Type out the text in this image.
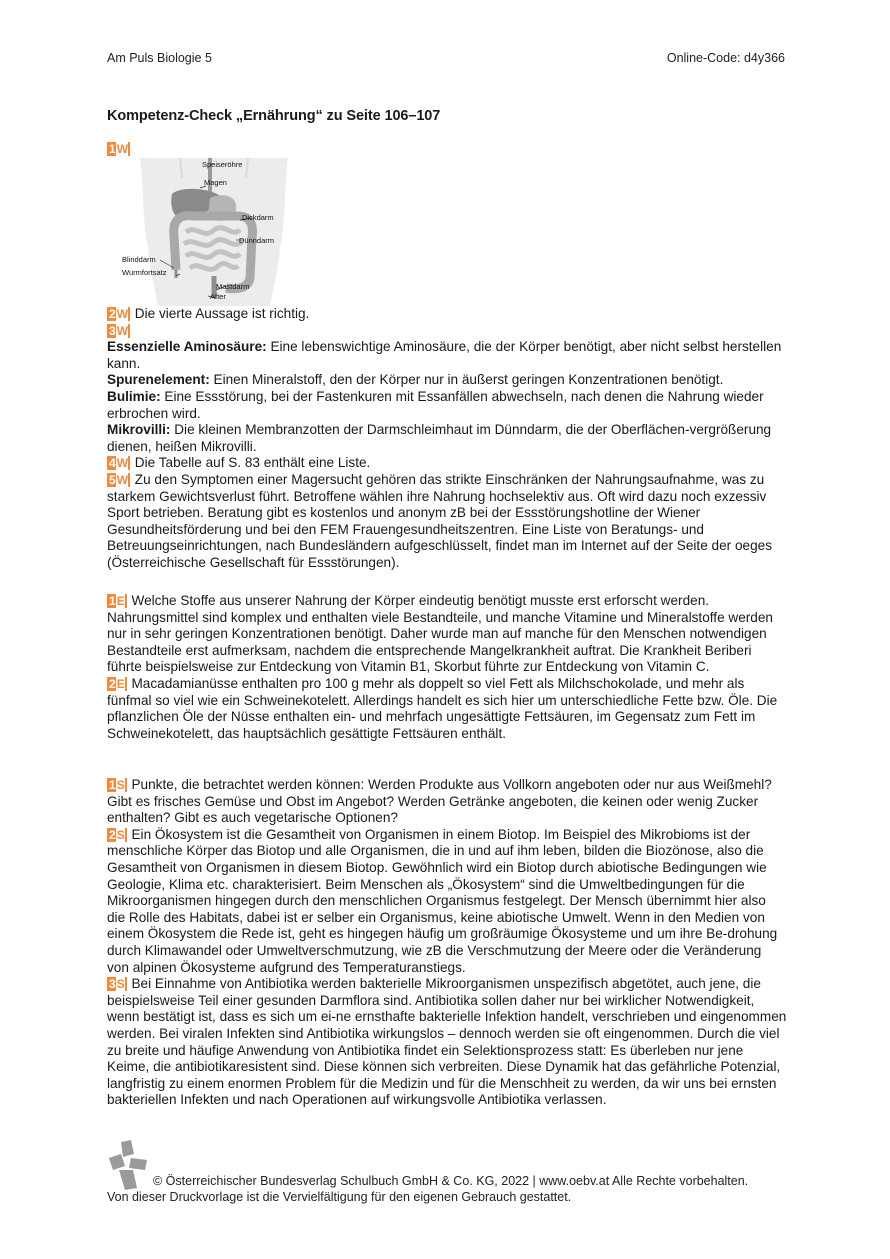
Am Puls Biologie 5	Online-Code: d4y366
Kompetenz-Check „Ernährung“ zu Seite 106–107
1W
Speiseröhre
Magen
Dickdarm
Dünndarm
Blinddarm
Wurmfortsatz
Mastdarm
After

2W Die vierte Aussage ist richtig.

3W

Essenzielle Aminosäure: Eine lebenswichtige Aminosäure, die der Körper benötigt, aber nicht selbst herstellen kann.

Spurenelement: Einen Mineralstoff, den der Körper nur in äußerst geringen Konzentrationen benötigt.

Bulimie: Eine Essstörung, bei der Fastenkuren mit Essanfällen abwechseln, nach denen die Nahrung wieder erbrochen wird.

Mikrovilli: Die kleinen Membranzotten der Darmschleimhaut im Dünndarm, die der Oberflächen-vergrößerung dienen, heißen Mikrovilli.

4W Die Tabelle auf S. 83 enthält eine Liste.

5W Zu den Symptomen einer Magersucht gehören das strikte Einschränken der Nahrungsaufnahme, was zu starkem Gewichtsverlust führt. Betroffene wählen ihre Nahrung hochselektiv aus. Oft wird dazu noch exzessiv Sport betrieben. Beratung gibt es kostenlos und anonym zB bei der Essstörungshotline der Wiener Gesundheitsförderung und bei den FEM Frauengesundheitszentren. Eine Liste von Beratungs- und Betreuungseinrichtungen, nach Bundesländern aufgeschlüsselt, findet man im Internet auf der Seite der oeges (Österreichische Gesellschaft für Essstörungen).

1E Welche Stoffe aus unserer Nahrung der Körper eindeutig benötigt musste erst erforscht werden. Nahrungsmittel sind komplex und enthalten viele Bestandteile, und manche Vitamine und Mineralstoffe werden nur in sehr geringen Konzentrationen benötigt. Daher wurde man auf manche für den Menschen notwendigen Bestandteile erst aufmerksam, nachdem die entsprechende Mangelkrankheit auftrat. Die Krankheit Beriberi führte beispielsweise zur Entdeckung von Vitamin B1, Skorbut führte zur Entdeckung von Vitamin C.

2E Macadamianüsse enthalten pro 100 g mehr als doppelt so viel Fett als Milchschokolade, und mehr als fünfmal so viel wie ein Schweinekotelett. Allerdings handelt es sich hier um unterschiedliche Fette bzw. Öle. Die pflanzlichen Öle der Nüsse enthalten ein- und mehrfach ungesättigte Fettsäuren, im Gegensatz zum Fett im Schweinekotelett, das hauptsächlich gesättigte Fettsäuren enthält.

1S Punkte, die betrachtet werden können: Werden Produkte aus Vollkorn angeboten oder nur aus Weißmehl? Gibt es frisches Gemüse und Obst im Angebot? Werden Getränke angeboten, die keinen oder wenig Zucker enthalten? Gibt es auch vegetarische Optionen?

2S Ein Ökosystem ist die Gesamtheit von Organismen in einem Biotop. Im Beispiel des Mikrobioms ist der menschliche Körper das Biotop und alle Organismen, die in und auf ihm leben, bilden die Biozönose, also die Gesamtheit von Organismen in diesem Biotop. Gewöhnlich wird ein Biotop durch abiotische Bedingungen wie Geologie, Klima etc. charakterisiert. Beim Menschen als „Ökosystem“ sind die Umweltbedingungen für die Mikroorganismen hingegen durch den menschlichen Organismus festgelegt. Der Mensch übernimmt hier also die Rolle des Habitats, dabei ist er selber ein Organismus, keine abiotische Umwelt. Wenn in den Medien von einem Ökosystem die Rede ist, geht es hingegen häufig um großräumige Ökosysteme und um ihre Be-drohung durch Klimawandel oder Umweltverschmutzung, wie zB die Verschmutzung der Meere oder die Veränderung von alpinen Ökosysteme aufgrund des Temperaturanstiegs.

3S Bei Einnahme von Antibiotika werden bakterielle Mikroorganismen unspezifisch abgetötet, auch jene, die beispielsweise Teil einer gesunden Darmflora sind. Antibiotika sollen daher nur bei wirklicher Notwendigkeit, wenn bestätigt ist, dass es sich um ei-ne ernsthafte bakterielle Infektion handelt, verschrieben und eingenommen werden. Bei viralen Infekten sind Antibiotika wirkungslos – dennoch werden sie oft eingenommen. Durch die viel zu breite und häufige Anwendung von Antibiotika findet ein Selektionsprozess statt: Es überleben nur jene Keime, die antibiotikaresistent sind. Diese können sich verbreiten. Diese Dynamik hat das gefährliche Potenzial, langfristig zu einem enormen Problem für die Medizin und für die Menschheit zu werden, da wir uns bei ernsten bakteriellen Infekten und nach Operationen auf wirkungsvolle Antibiotika verlassen.

© Österreichischer Bundesverlag Schulbuch GmbH & Co. KG, 2022 | www.oebv.at Alle Rechte vorbehalten.
Von dieser Druckvorlage ist die Vervielfältigung für den eigenen Gebrauch gestattet.
